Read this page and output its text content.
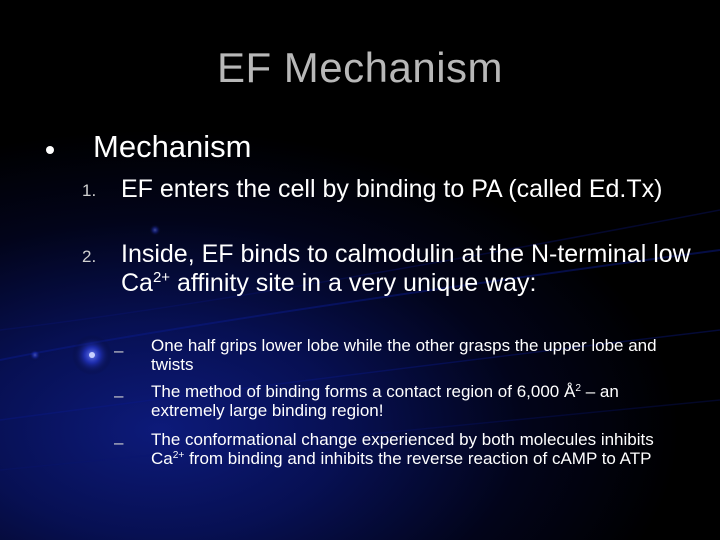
EF Mechanism
Mechanism
1. EF enters the cell by binding to PA (called Ed.Tx)
2. Inside, EF binds to calmodulin at the N-terminal low $Ca^{2+}$ affinity site in a very unique way:
– One half grips lower lobe while the other grasps the upper lobe and twists
– The method of binding forms a contact region of 6,000 $Å^2$ – an extremely large binding region!
– The conformational change experienced by both molecules inhibits $Ca^{2+}$ from binding and inhibits the reverse reaction of cAMP to ATP
